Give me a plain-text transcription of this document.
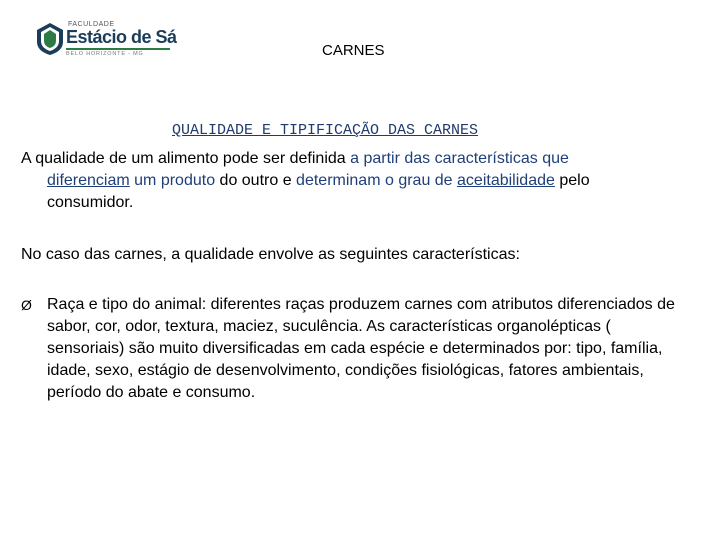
FACULDADE
Estácio de Sá
BELO HORIZONTE - MG	CARNES
QUALIDADE E TIPIFICAÇÃO DAS CARNES
A qualidade de um alimento pode ser definida a partir das características que
diferenciam um produto do outro e determinam o grau de aceitabilidade pelo
consumidor.
No caso das carnes, a qualidade envolve as seguintes características:
Ø Raça e tipo do animal: diferentes raças produzem carnes com atributos diferenciados de sabor, cor, odor, textura, maciez, suculência. As características organolépticas ( sensoriais) são muito diversificadas em cada espécie e determinados por: tipo, família, idade, sexo, estágio de desenvolvimento, condições fisiológicas, fatores ambientais, período do abate e consumo.
